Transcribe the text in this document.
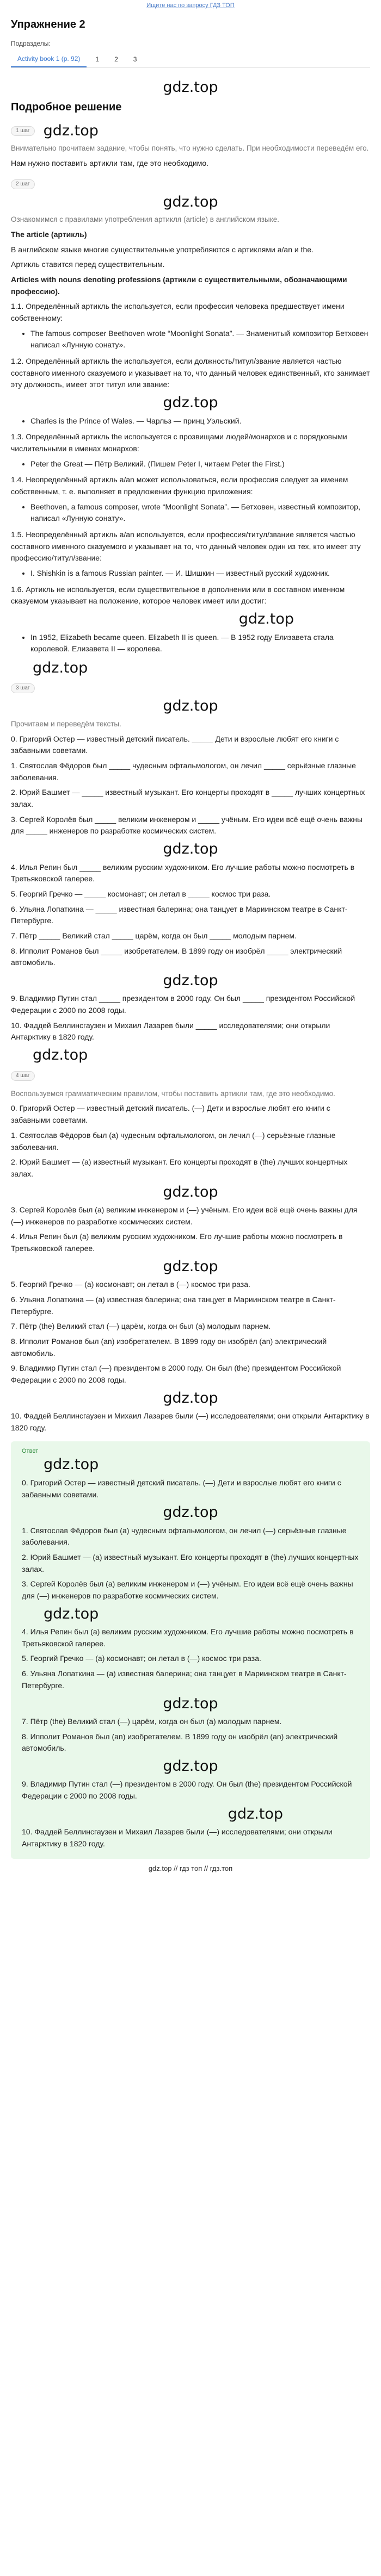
Ищите нас по запросу ГДЗ ТОП
Упражнение 2
Подразделы:
Activity book 1 (p. 92)	1	2	3
gdz.top
Подробное решение
1 шаг gdz.top

Внимательно прочитаем задание, чтобы понять, что нужно сделать. При необходимости переведём его.

Нам нужно поставить артикли там, где это необходимо.

2 шаг
gdz.top

Ознакомимся с правилами употребления артикля (article) в английском языке.

The article (артикль)

В английском языке многие существительные употребляются с артиклями a/an и the.

Артикль ставится перед существительным.

Articles with nouns denoting professions (артикли с существительными, обозначающими профессию).

1.1. Определённый артикль the используется, если профессия человека предшествует имени собственному:

• The famous composer Beethoven wrote “Moonlight Sonata”. — Знаменитый композитор Бетховен написал «Лунную сонату».

1.2. Определённый артикль the используется, если должность/титул/звание является частью составного именного сказуемого и указывает на то, что данный человек единственный, кто занимает эту должность, имеет этот титул или звание:

gdz.top
• Charles is the Prince of Wales. — Чарльз — принц Уэльский.

1.3. Определённый артикль the используется с прозвищами людей/монархов и с порядковыми числительными в именах монархов:

• Peter the Great — Пётр Великий. (Пишем Peter I, читаем Peter the First.)

1.4. Неопределённый артикль a/an может использоваться, если профессия следует за именем собственным, т. е. выполняет в предложении функцию приложения:

• Beethoven, a famous composer, wrote “Moonlight Sonata”. — Бетховен, известный композитор, написал «Лунную сонату».

1.5. Неопределённый артикль a/an используется, если профессия/титул/звание является частью составного именного сказуемого и указывает на то, что данный человек один из тех, кто имеет эту профессию/титул/звание:

• I. Shishkin is a famous Russian painter. — И. Шишкин — известный русский художник.

1.6. Артикль не используется, если существительное в дополнении или в составном именном сказуемом указывает на положение, которое человек имеет или достиг:

gdz.top
• In 1952, Elizabeth became queen. Elizabeth II is queen. — В 1952 году Елизавета стала королевой. Елизавета II — королева.
gdz.top
3 шаг
gdz.top

Прочитаем и переведём тексты.

0. Григорий Остер — известный детский писатель. _____ Дети и взрослые любят его книги с забавными советами.

1. Святослав Фёдоров был _____ чудесным офтальмологом, он лечил _____ серьёзные глазные заболевания.

2. Юрий Башмет — _____ известный музыкант. Его концерты проходят в _____ лучших концертных залах.

3. Сергей Королёв был _____ великим инженером и _____ учёным. Его идеи всё ещё очень важны для _____ инженеров по разработке космических систем.

gdz.top

4. Илья Репин был _____ великим русским художником. Его лучшие работы можно посмотреть в Третьяковской галерее.

5. Георгий Гречко — _____ космонавт; он летал в _____ космос три раза.

6. Ульяна Лопаткина — _____ известная балерина; она танцует в Мариинском театре в Санкт-Петербурге.

7. Пётр _____ Великий стал _____ царём, когда он был _____ молодым парнем.

8. Ипполит Романов был _____ изобретателем. В 1899 году он изобрёл _____ электрический автомобиль.

gdz.top

9. Владимир Путин стал _____ президентом в 2000 году. Он был _____ президентом Российской Федерации с 2000 по 2008 годы.

10. Фаддей Беллинсгаузен и Михаил Лазарев были _____ исследователями; они открыли Антарктику в 1820 году.

gdz.top
4 шаг

Воспользуемся грамматическим правилом, чтобы поставить артикли там, где это необходимо.

0. Григорий Остер — известный детский писатель. (—) Дети и взрослые любят его книги с забавными советами.

1. Святослав Фёдоров был (a) чудесным офтальмологом, он лечил (—) серьёзные глазные заболевания.

2. Юрий Башмет — (a) известный музыкант. Его концерты проходят в (the) лучших концертных залах.

gdz.top

3. Сергей Королёв был (a) великим инженером и (—) учёным. Его идеи всё ещё очень важны для (—) инженеров по разработке космических систем.

4. Илья Репин был (a) великим русским художником. Его лучшие работы можно посмотреть в Третьяковской галерее.

gdz.top

5. Георгий Гречко — (a) космонавт; он летал в (—) космос три раза.

6. Ульяна Лопаткина — (a) известная балерина; она танцует в Мариинском театре в Санкт-Петербурге.

7. Пётр (the) Великий стал (—) царём, когда он был (a) молодым парнем.

8. Ипполит Романов был (an) изобретателем. В 1899 году он изобрёл (an) электрический автомобиль.

9. Владимир Путин стал (—) президентом в 2000 году. Он был (the) президентом Российской Федерации с 2000 по 2008 годы.

gdz.top

10. Фаддей Беллинсгаузен и Михаил Лазарев были (—) исследователями; они открыли Антарктику в 1820 году.

Ответ
gdz.top

0. Григорий Остер — известный детский писатель. (—) Дети и взрослые любят его книги с забавными советами.

gdz.top

1. Святослав Фёдоров был (a) чудесным офтальмологом, он лечил (—) серьёзные глазные заболевания.

2. Юрий Башмет — (a) известный музыкант. Его концерты проходят в (the) лучших концертных залах.

3. Сергей Королёв был (a) великим инженером и (—) учёным. Его идеи всё ещё очень важны для (—) инженеров по разработке космических систем.

gdz.top

4. Илья Репин был (a) великим русским художником. Его лучшие работы можно посмотреть в Третьяковской галерее.

5. Георгий Гречко — (a) космонавт; он летал в (—) космос три раза.

6. Ульяна Лопаткина — (a) известная балерина; она танцует в Мариинском театре в Санкт-Петербурге.

gdz.top

7. Пётр (the) Великий стал (—) царём, когда он был (a) молодым парнем.

8. Ипполит Романов был (an) изобретателем. В 1899 году он изобрёл (an) электрический автомобиль.

gdz.top

9. Владимир Путин стал (—) президентом в 2000 году. Он был (the) президентом Российской Федерации с 2000 по 2008 годы.

gdz.top

10. Фаддей Беллинсгаузен и Михаил Лазарев были (—) исследователями; они открыли Антарктику в 1820 году.

gdz.top // гдз топ // гдз.топ
